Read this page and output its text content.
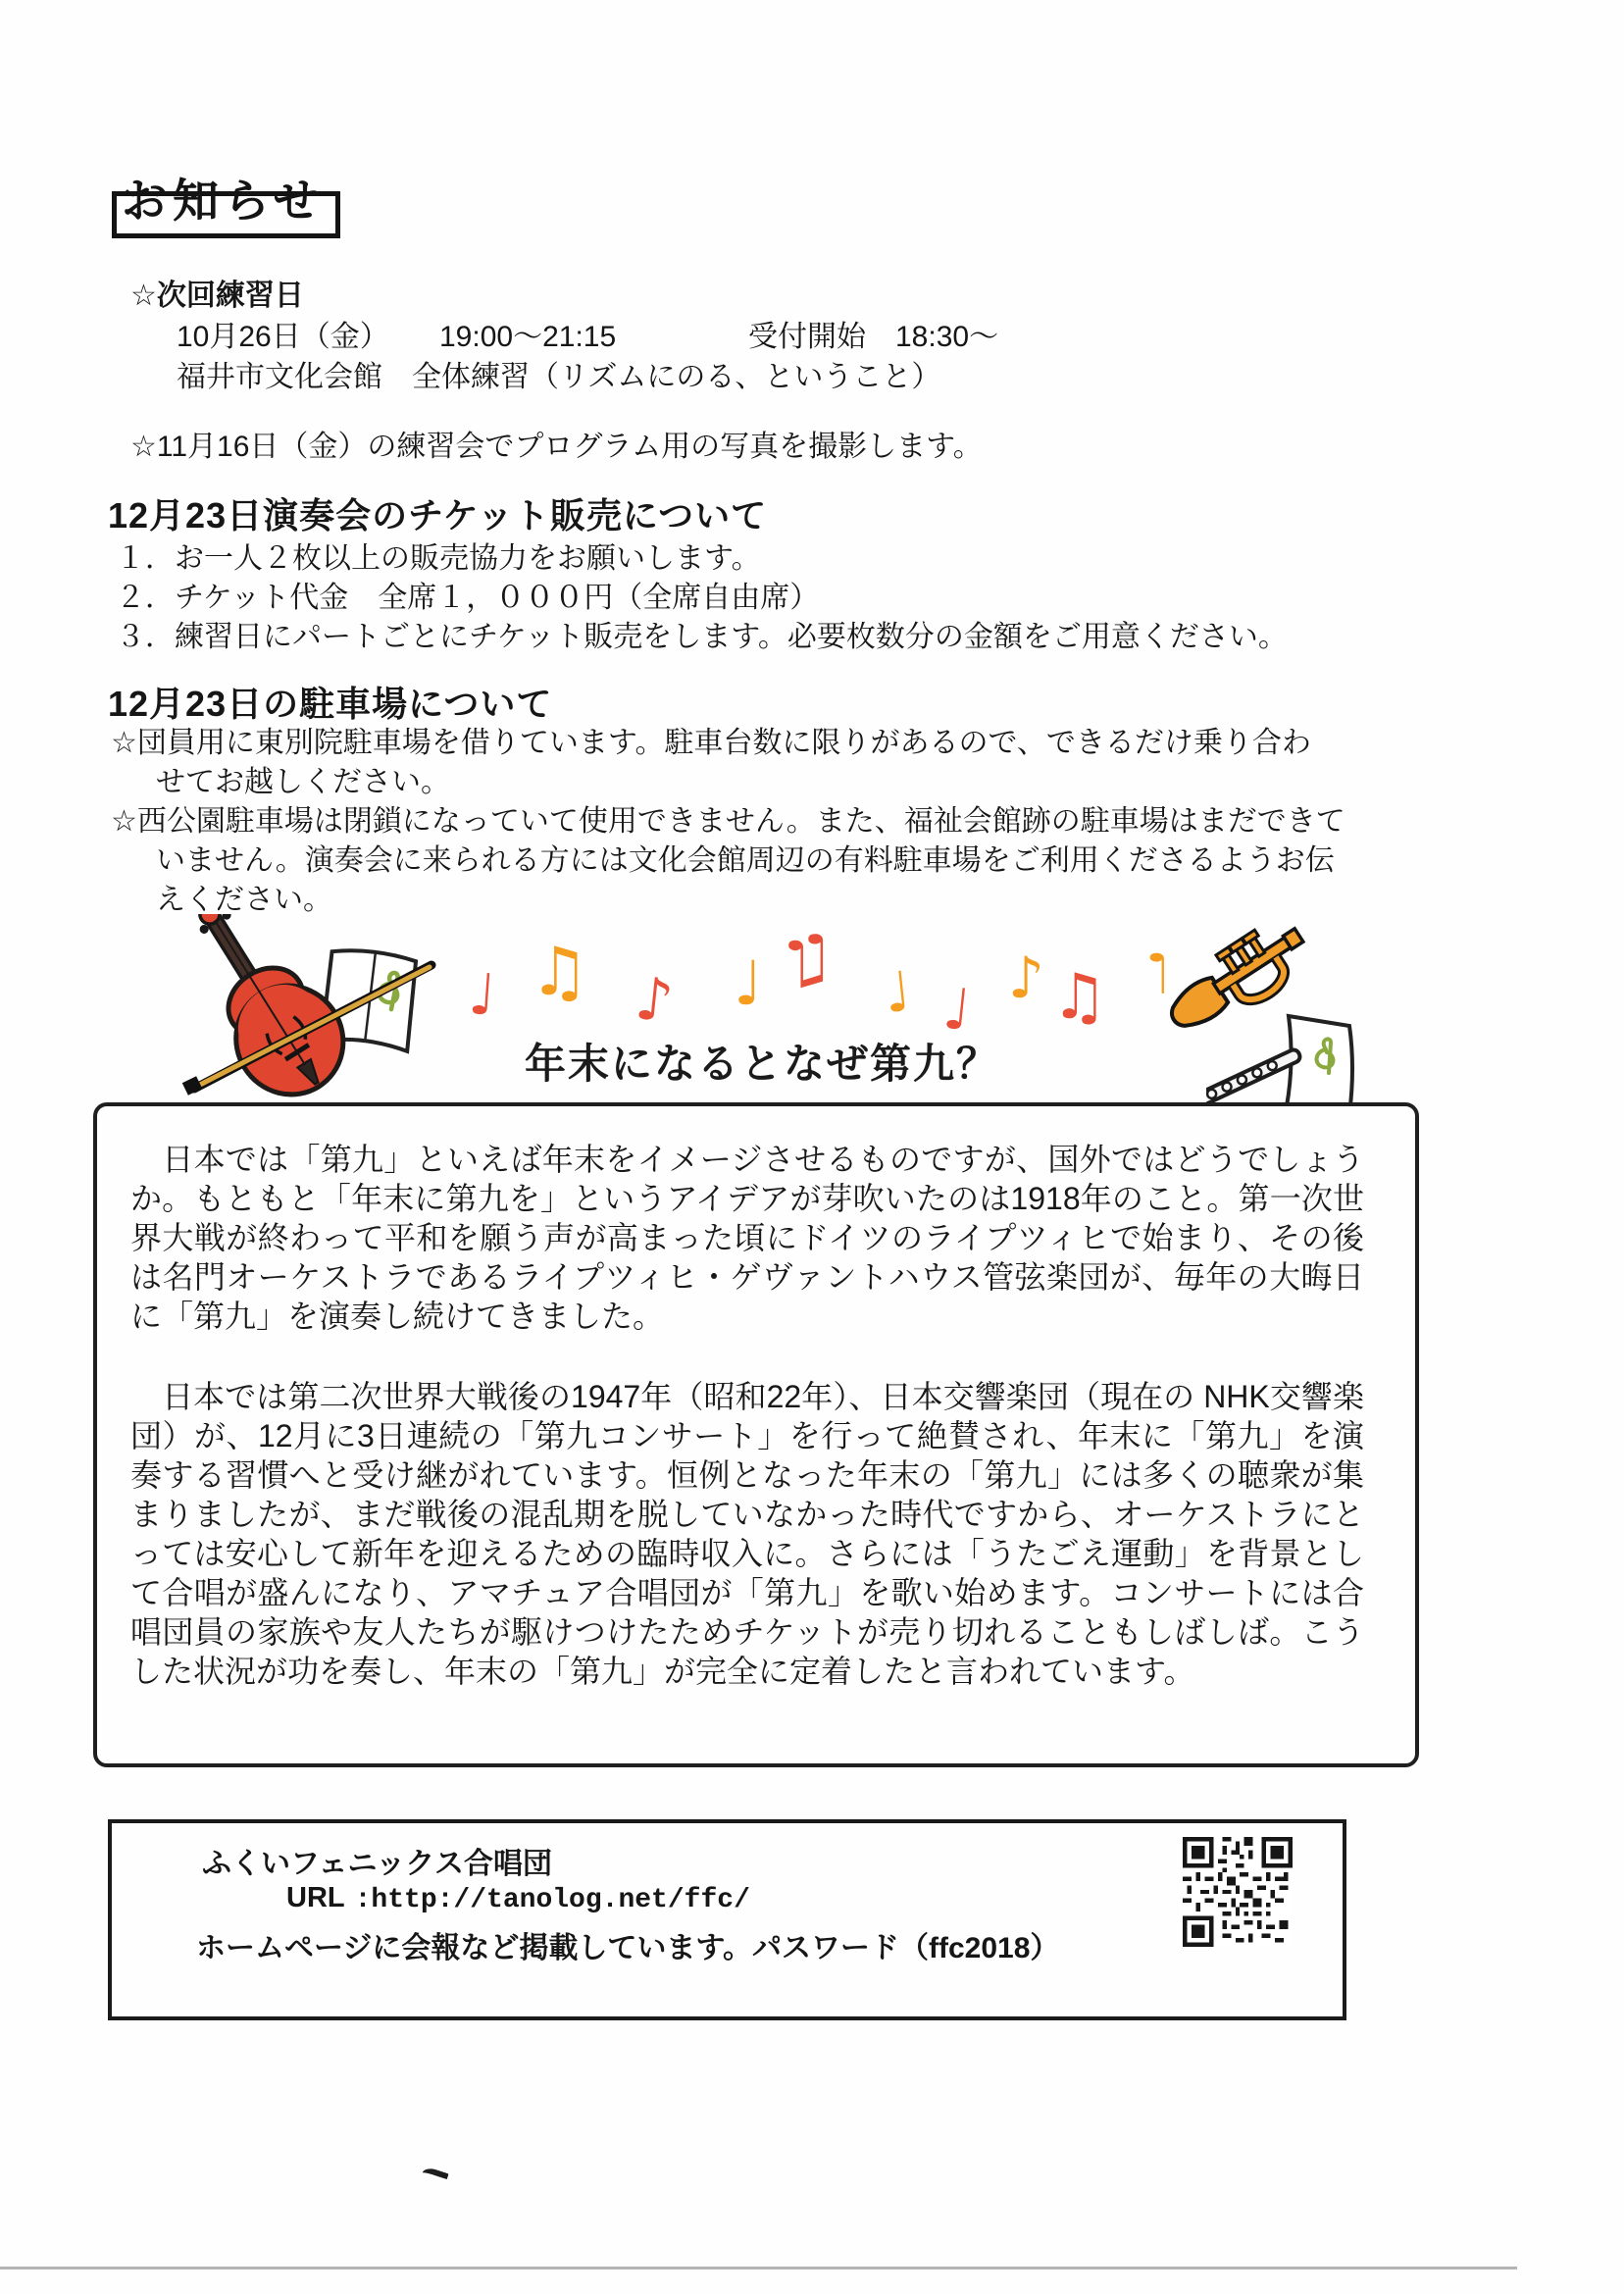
お知らせ
☆次回練習日
10月26日（金） 19:00～21:15	受付開始　18:30～
福井市文化会館　全体練習（リズムにのる、ということ）
☆11月16日（金）の練習会でプログラム用の写真を撮影します。
12月23日演奏会のチケット販売について
１．お一人２枚以上の販売協力をお願いします。
２．チケット代金　全席１，０００円（全席自由席）
３．練習日にパートごとにチケット販売をします。必要枚数分の金額をご用意ください。
12月23日の駐車場について
☆団員用に東別院駐車場を借りています。駐車台数に限りがあるので、できるだけ乗り合わせてお越しください。
☆西公園駐車場は閉鎖になっていて使用できません。また、福祉会館跡の駐車場はまだできていません。演奏会に来られる方には文化会館周辺の有料駐車場をご利用くださるようお伝えください。
♩ ♫ ♪ ♩ ♫ ♩ ♩ ♪ ♫ ♩
年末になるとなぜ第九？

　日本では「第九」といえば年末をイメージさせるものですが、国外ではどうでしょうか。もともと「年末に第九を」というアイデアが芽吹いたのは1918年のこと。第一次世界大戦が終わって平和を願う声が高まった頃にドイツのライプツィヒで始まり、その後は名門オーケストラであるライプツィヒ・ゲヴァントハウス管弦楽団が、毎年の大晦日に「第九」を演奏し続けてきました。

　日本では第二次世界大戦後の1947年（昭和22年）、日本交響楽団（現在の NHK交響楽団）が、12月に3日連続の「第九コンサート」を行って絶賛され、年末に「第九」を演奏する習慣へと受け継がれています。恒例となった年末の「第九」には多くの聴衆が集まりましたが、まだ戦後の混乱期を脱していなかった時代ですから、オーケストラにとっては安心して新年を迎えるための臨時収入に。さらには「うたごえ運動」を背景として合唱が盛んになり、アマチュア合唱団が「第九」を歌い始めます。コンサートには合唱団員の家族や友人たちが駆けつけたためチケットが売り切れることもしばしば。こうした状況が功を奏し、年末の「第九」が完全に定着したと言われています。

ふくいフェニックス合唱団
URL :http://tanolog.net/ffc/
ホームページに会報など掲載しています。パスワード（ffc2018）
